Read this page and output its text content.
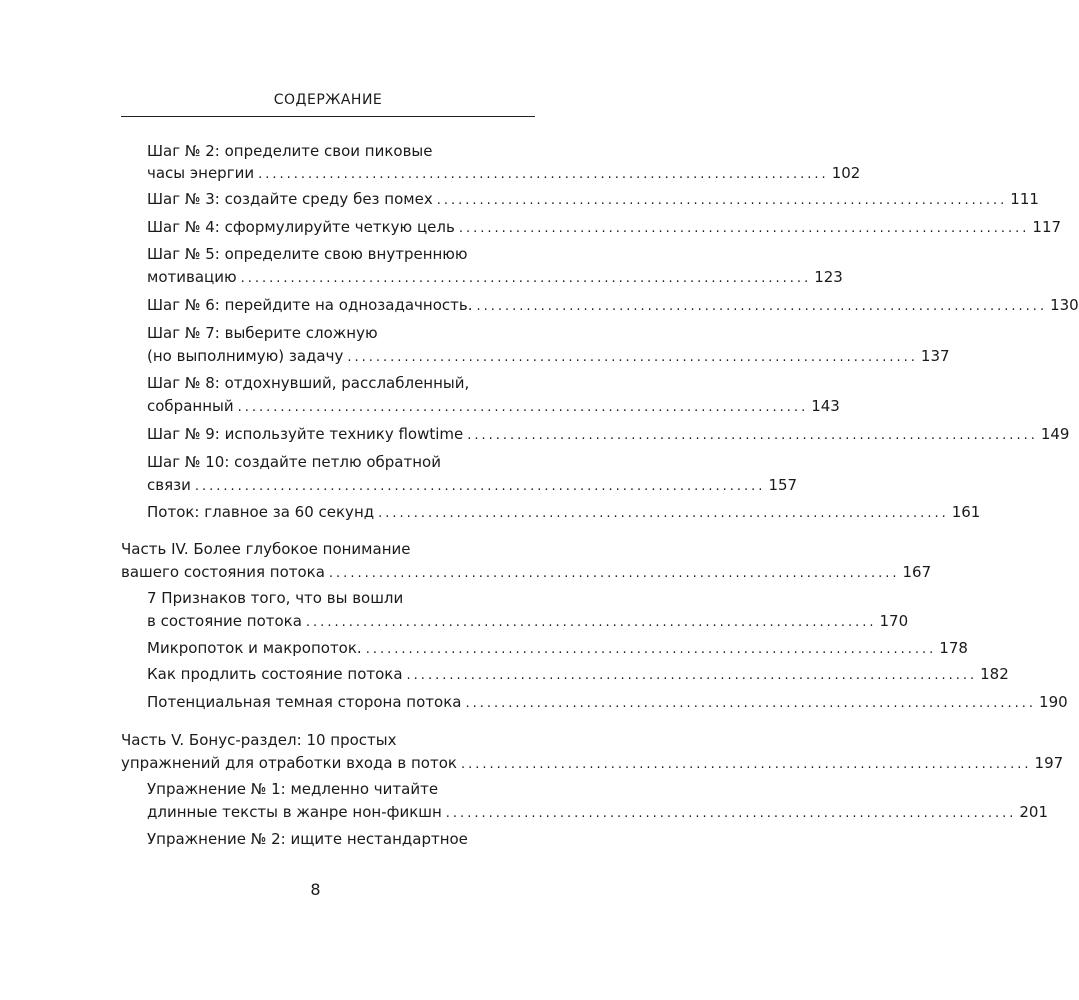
СОДЕРЖАНИЕ
Шаг № 2: определите свои пиковые
часы энергии ................................................................................ 102
Шаг № 3: создайте среду без помех ................................................................................ 111
Шаг № 4: сформулируйте четкую цель ................................................................................ 117
Шаг № 5: определите свою внутреннюю
мотивацию ................................................................................ 123
Шаг № 6: перейдите на однозадачность. ................................................................................ 130
Шаг № 7: выберите сложную
(но выполнимую) задачу ................................................................................ 137
Шаг № 8: отдохнувший, расслабленный,
собранный ................................................................................ 143
Шаг № 9: используйте технику flowtime ................................................................................ 149
Шаг № 10: создайте петлю обратной
связи ................................................................................ 157
Поток: главное за 60 секунд ................................................................................ 161
Часть IV. Более глубокое понимание
вашего состояния потока ................................................................................ 167
7 Признаков того, что вы вошли
в состояние потока ................................................................................ 170
Микропоток и макропоток. ................................................................................ 178
Как продлить состояние потока ................................................................................ 182
Потенциальная темная сторона потока ................................................................................ 190
Часть V. Бонус-раздел: 10 простых
упражнений для отработки входа в поток ................................................................................ 197
Упражнение № 1: медленно читайте
длинные тексты в жанре нон-фикшн ................................................................................ 201
Упражнение № 2: ищите нестандартное
8
